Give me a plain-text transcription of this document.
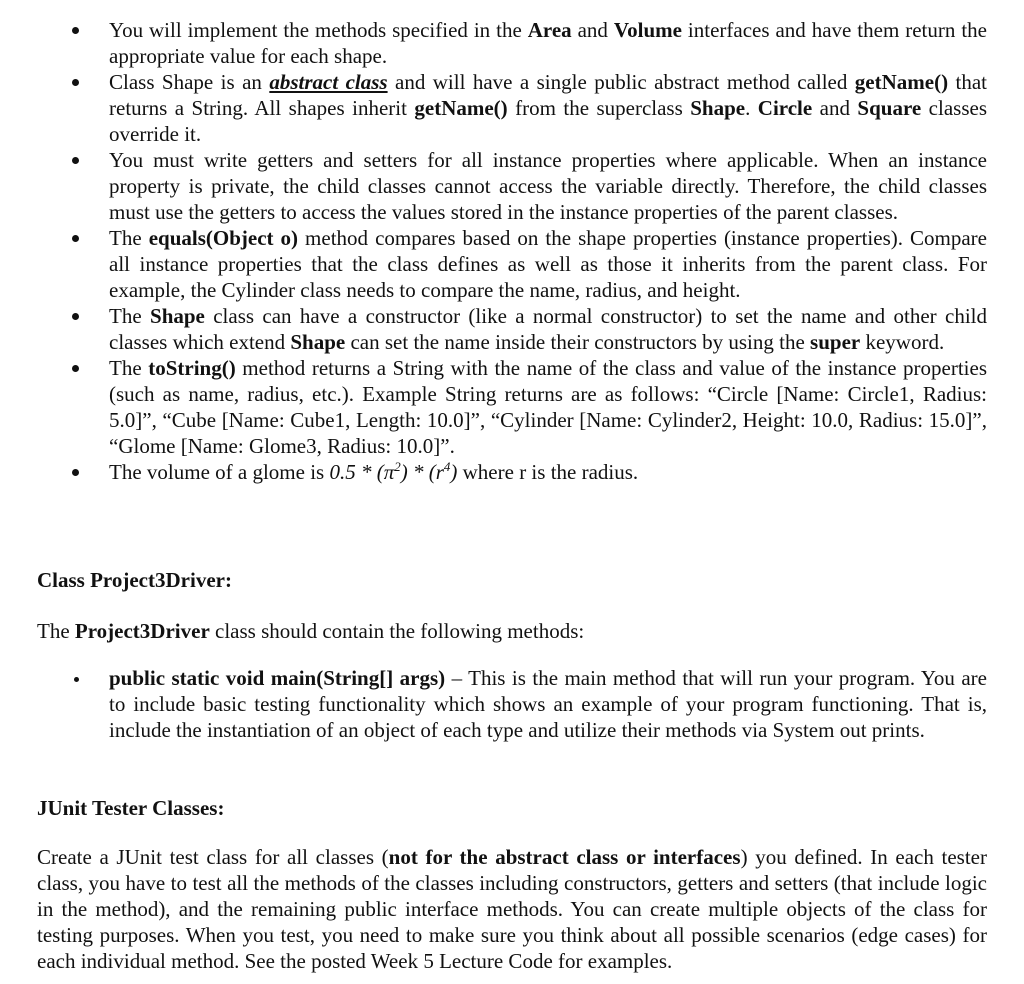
You will implement the methods specified in the Area and Volume interfaces and have them return the appropriate value for each shape.
Class Shape is an abstract class and will have a single public abstract method called getName() that returns a String. All shapes inherit getName() from the superclass Shape. Circle and Square classes override it.
You must write getters and setters for all instance properties where applicable. When an instance property is private, the child classes cannot access the variable directly. Therefore, the child classes must use the getters to access the values stored in the instance properties of the parent classes.
The equals(Object o) method compares based on the shape properties (instance properties). Compare all instance properties that the class defines as well as those it inherits from the parent class. For example, the Cylinder class needs to compare the name, radius, and height.
The Shape class can have a constructor (like a normal constructor) to set the name and other child classes which extend Shape can set the name inside their constructors by using the super keyword.
The toString() method returns a String with the name of the class and value of the instance properties (such as name, radius, etc.). Example String returns are as follows: “Circle [Name: Circle1, Radius: 5.0]”, “Cube [Name: Cube1, Length: 10.0]”, “Cylinder [Name: Cylinder2, Height: 10.0, Radius: 15.0]”, “Glome [Name: Glome3, Radius: 10.0]”.
The volume of a glome is $0.5 * (\pi^2) * (r^4)$ where r is the radius.
Class Project3Driver:

The Project3Driver class should contain the following methods:

public static void main(String[] args) – This is the main method that will run your program. You are to include basic testing functionality which shows an example of your program functioning. That is, include the instantiation of an object of each type and utilize their methods via System out prints.
JUnit Tester Classes:

Create a JUnit test class for all classes (not for the abstract class or interfaces) you defined. In each tester class, you have to test all the methods of the classes including constructors, getters and setters (that include logic in the method), and the remaining public interface methods. You can create multiple objects of the class for testing purposes. When you test, you need to make sure you think about all possible scenarios (edge cases) for each individual method. See the posted Week 5 Lecture Code for examples.
